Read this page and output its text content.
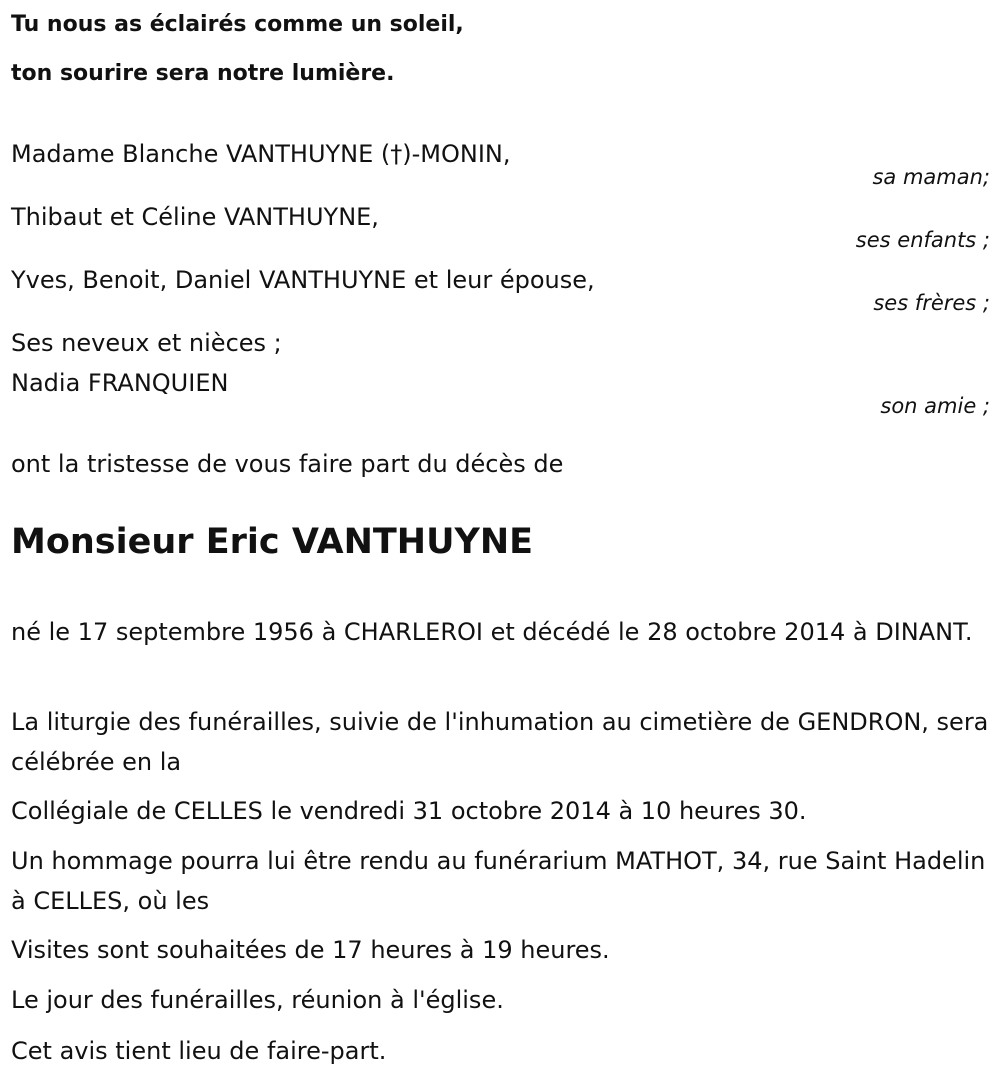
Tu nous as éclairés comme un soleil,
ton sourire sera notre lumière.
Madame Blanche VANTHUYNE (†)-MONIN,
sa maman;
Thibaut et Céline VANTHUYNE,
ses enfants ;
Yves, Benoit, Daniel VANTHUYNE et leur épouse,
ses frères ;
Ses neveux et nièces ;
Nadia FRANQUIEN
son amie ;
ont la tristesse de vous faire part du décès de
Monsieur Eric VANTHUYNE

né le 17 septembre 1956 à CHARLEROI et décédé le 28 octobre 2014 à DINANT.

La liturgie des funérailles, suivie de l'inhumation au cimetière de GENDRON, sera célébrée en la

Collégiale de CELLES le vendredi 31 octobre 2014 à 10 heures 30.

Un hommage pourra lui être rendu au funérarium MATHOT, 34, rue Saint Hadelin à CELLES, où les

Visites sont souhaitées de 17 heures à 19 heures.

Le jour des funérailles, réunion à l'église.

Cet avis tient lieu de faire-part.
